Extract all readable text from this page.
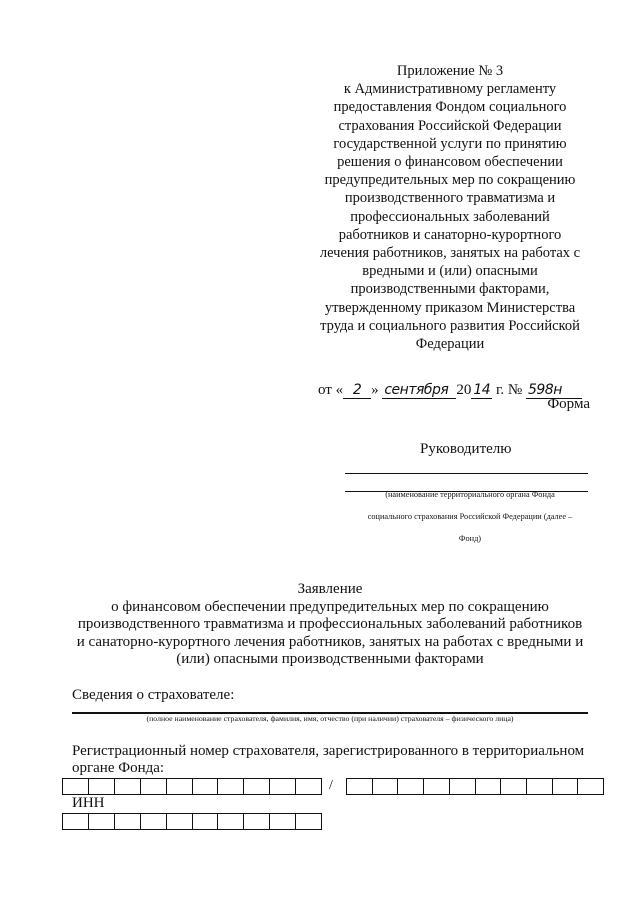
Приложение № 3

к Административному регламенту

предоставления Фондом социального

страхования Российской Федерации

государственной услуги по принятию

решения о финансовом обеспечении

предупредительных мер по сокращению

производственного травматизма и

профессиональных заболеваний

работников и санаторно-курортного

лечения работников, занятых на работах с

вредными и (или) опасными

производственными факторами,

утвержденному приказом Министерства

труда и социального развития Российской

Федерации

от « 2 » сентября 20 14 г. № 598н
Форма
Руководителю
(наименование территориального органа Фонда
социального страхования Российской Федерации (далее –
Фонд)
Заявление
о финансовом обеспечении предупредительных мер по сокращению
производственного травматизма и профессиональных заболеваний работников
и санаторно-курортного лечения работников, занятых на работах с вредными и
(или) опасными производственными факторами
Сведения о страхователе:
(полное наименование страхователя, фамилия, имя, отчество (при наличии) страхователя – физического лица)
Регистрационный номер страхователя, зарегистрированного в территориальном
органе Фонда:
/
ИНН
